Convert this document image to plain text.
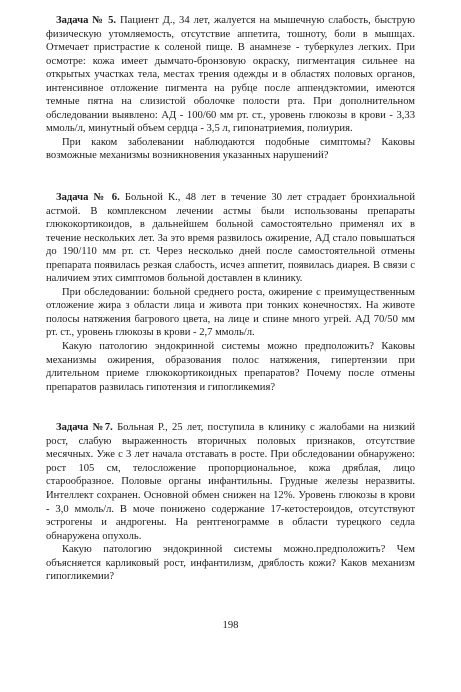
Задача № 5. Пациент Д., 34 лет, жалуется на мышечную слабость, быструю физическую утомляемость, отсутствие аппетита, тошноту, боли в мышцах. Отмечает пристрастие к соленой пище. В анамнезе - туберкулез легких. При осмотре: кожа имеет дымчато-бронзовую окраску, пигментация сильнее на открытых участках тела, местах трения одежды и в областях половых органов, интенсивное отложение пигмента на рубце после аппендэктомии, имеются темные пятна на слизистой оболочке полости рта. При дополнительном обследовании выявлено: АД - 100/60 мм рт. ст., уровень глюкозы в крови - 3,33 ммоль/л, минутный объем сердца - 3,5 л, гипонатриемия, полиурия.

При каком заболевании наблюдаются подобные симптомы? Каковы возможные механизмы возникновения указанных нарушений?

Задача № 6. Больной К., 48 лет в течение 30 лет страдает бронхиальной астмой. В комплексном лечении астмы были использованы препараты глюкокортикоидов, в дальнейшем больной самостоятельно применял их в течение нескольких лет. За это время развилось ожирение, АД стало повышаться до 190/110 мм рт. ст. Через несколько дней после самостоятельной отмены препарата появилась резкая слабость, исчез аппетит, появилась диарея. В связи с наличием этих симптомов больной доставлен в клинику.

При обследовании: больной среднего роста, ожирение с преимущественным отложение жира з области лица и живота при тонких конечностях. На животе полосы натяжения багрового цвета, на лице и спине много угрей. АД 70/50 мм рт. ст., уровень глюкозы в крови - 2,7 ммоль/л.

Какую патологию эндокринной системы можно предположить? Каковы механизмы ожирения, образования полос натяжения, гипертензии при длительном приеме глюкокортикоидных препаратов? Почему после отмены препаратов развилась гипотензия и гипогликемия?

Задача №7. Больная Р., 25 лет, поступила в клинику с жалобами на низкий рост, слабую выраженность вторичных половых признаков, отсутствие месячных. Уже с 3 лет начала отставать в росте. При обследовании обнаружено: рост 105 см, телосложение пропорциональное, кожа дряблая, лицо старообразное. Половые органы инфантильны. Грудные железы неразвиты. Интеллект сохранен. Основной обмен снижен на 12%. Уровень глюкозы в крови - 3,0 ммоль/л. В моче понижено содержание 17-кетостероидов, отсутствуют эстрогены и андрогены. На рентгенограмме в области турецкого седла обнаружена опухоль.

Какую патологию эндокринной системы можно.предположить? Чем объясняется карликовый рост, инфантилизм, дряблость кожи? Каков механизм гипогликемии?

198
